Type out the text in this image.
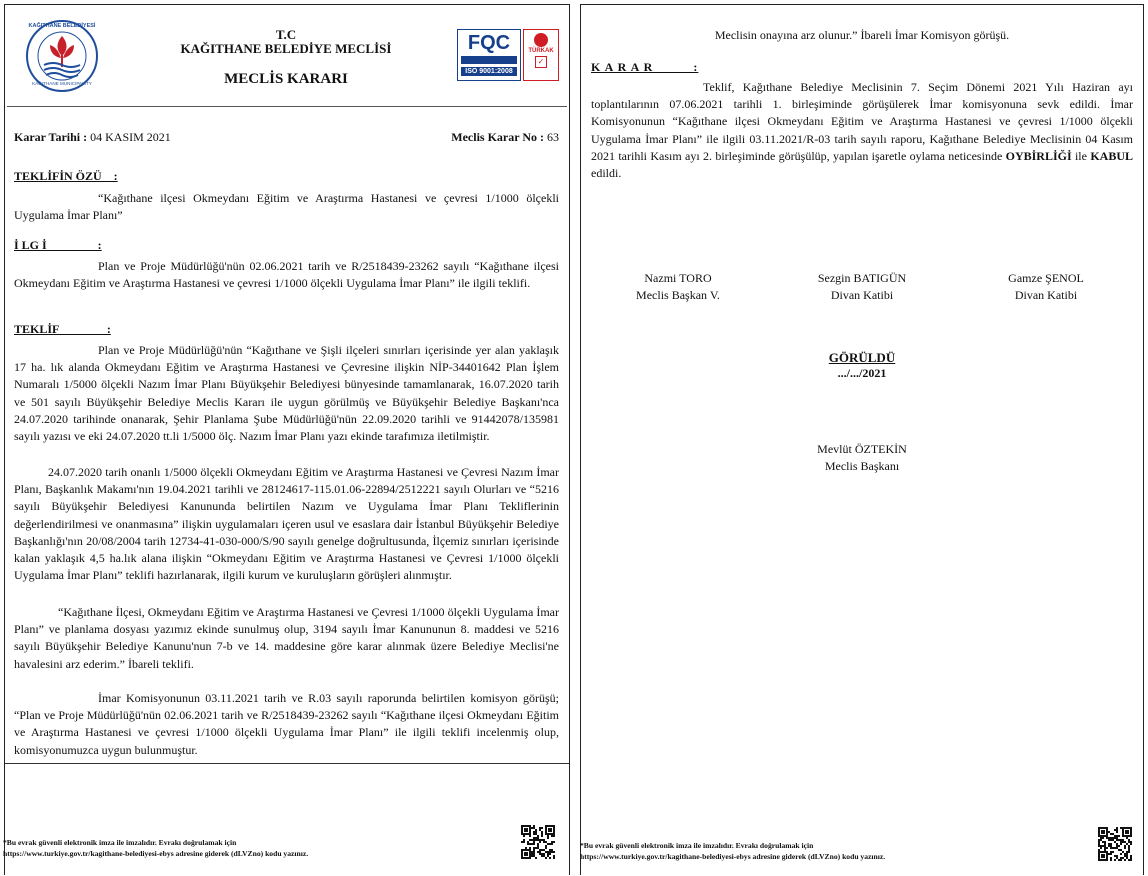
KAĞITHANE BELEDİYESİ
KAĞITHANE MUNICIPALITY
T.C
KAĞITHANE BELEDİYE MECLİSİ
MECLİS KARARI
FQC
ISO 9001:2008
TÜRKAK
✓
Karar Tarihi : 04 KASIM 2021	Meclis Karar No : 63
TEKLİFİN ÖZÜ    :
“Kağıthane ilçesi Okmeydanı Eğitim ve Araştırma Hastanesi ve çevresi 1/1000 ölçekli Uygulama İmar Planı”
İ LG İ                 :
Plan ve Proje Müdürlüğü'nün 02.06.2021 tarih ve R/2518439-23262 sayılı “Kağıthane ilçesi Okmeydanı Eğitim ve Araştırma Hastanesi ve çevresi 1/1000 ölçekli Uygulama İmar Planı” ile ilgili teklifi.
TEKLİF                :
Plan ve Proje Müdürlüğü'nün “Kağıthane ve Şişli ilçeleri sınırları içerisinde yer alan yaklaşık 17 ha. lık alanda Okmeydanı Eğitim ve Araştırma Hastanesi ve Çevresine ilişkin NİP-34401642 Plan İşlem Numaralı 1/5000 ölçekli Nazım İmar Planı Büyükşehir Belediyesi bünyesinde tamamlanarak, 16.07.2020 tarih ve 501 sayılı Büyükşehir Belediye Meclis Kararı ile uygun görülmüş ve Büyükşehir Belediye Başkanı'nca 24.07.2020 tarihinde onanarak, Şehir Planlama Şube Müdürlüğü'nün 22.09.2020 tarihli ve 91442078/135981 sayılı yazısı ve eki 24.07.2020 tt.li 1/5000 ölç. Nazım İmar Planı yazı ekinde tarafımıza iletilmiştir.
24.07.2020 tarih onanlı 1/5000 ölçekli Okmeydanı Eğitim ve Araştırma Hastanesi ve Çevresi Nazım İmar Planı, Başkanlık Makamı'nın 19.04.2021 tarihli ve 28124617-115.01.06-22894/2512221 sayılı Olurları ve “5216 sayılı Büyükşehir Belediyesi Kanununda belirtilen Nazım ve Uygulama İmar Planı Tekliflerinin değerlendirilmesi ve onanmasına” ilişkin uygulamaları içeren usul ve esaslara dair İstanbul Büyükşehir Belediye Başkanlığı'nın 20/08/2004 tarih 12734-41-030-000/S/90 sayılı genelge doğrultusunda, İlçemiz sınırları içerisinde kalan yaklaşık 4,5 ha.lık alana ilişkin “Okmeydanı Eğitim ve Araştırma Hastanesi ve Çevresi 1/1000 ölçekli Uygulama İmar Planı” teklifi hazırlanarak, ilgili kurum ve kuruluşların görüşleri alınmıştır.
“Kağıthane İlçesi, Okmeydanı Eğitim ve Araştırma Hastanesi ve Çevresi 1/1000 ölçekli Uygulama İmar Planı” ve planlama dosyası yazımız ekinde sunulmuş olup, 3194 sayılı İmar Kanununun 8. maddesi ve 5216 sayılı Büyükşehir Belediye Kanunu'nun 7-b ve 14. maddesine göre karar alınmak üzere Belediye Meclisi'ne havalesini arz ederim.” İbareli teklifi.
İmar Komisyonunun 03.11.2021 tarih ve R.03 sayılı raporunda belirtilen komisyon görüşü; “Plan ve Proje Müdürlüğü'nün 02.06.2021 tarih ve R/2518439-23262 sayılı “Kağıthane ilçesi Okmeydanı Eğitim ve Araştırma Hastanesi ve çevresi 1/1000 ölçekli Uygulama İmar Planı” ile ilgili teklifi incelenmiş olup, komisyonumuzca uygun bulunmuştur.
*Bu evrak güvenli elektronik imza ile imzalıdır. Evrakı doğrulamak için
https://www.turkiye.gov.tr/kagithane-belediyesi-ebys adresine giderek (dLVZno) kodu yazınız.
Meclisin onayına arz olunur.” İbareli İmar Komisyon görüşü.
K A R A R          :
Teklif, Kağıthane Belediye Meclisinin 7. Seçim Dönemi 2021 Yılı Haziran ayı toplantılarının 07.06.2021 tarihli 1. birleşiminde görüşülerek İmar komisyonuna sevk edildi. İmar Komisyonunun “Kağıthane ilçesi Okmeydanı Eğitim ve Araştırma Hastanesi ve çevresi 1/1000 ölçekli Uygulama İmar Planı” ile ilgili 03.11.2021/R-03 tarih sayılı raporu, Kağıthane Belediye Meclisinin 04 Kasım 2021 tarihli Kasım ayı 2. birleşiminde görüşülüp, yapılan işaretle oylama neticesinde OYBİRLİĞİ ile KABUL edildi.
Nazmi TORO
Meclis Başkan V.
Sezgin BATIGÜN
Divan Katibi
Gamze ŞENOL
Divan Katibi
GÖRÜLDÜ
.../.../2021
Mevlüt ÖZTEKİN
Meclis Başkanı
*Bu evrak güvenli elektronik imza ile imzalıdır. Evrakı doğrulamak için
https://www.turkiye.gov.tr/kagithane-belediyesi-ebys adresine giderek (dLVZno) kodu yazınız.
